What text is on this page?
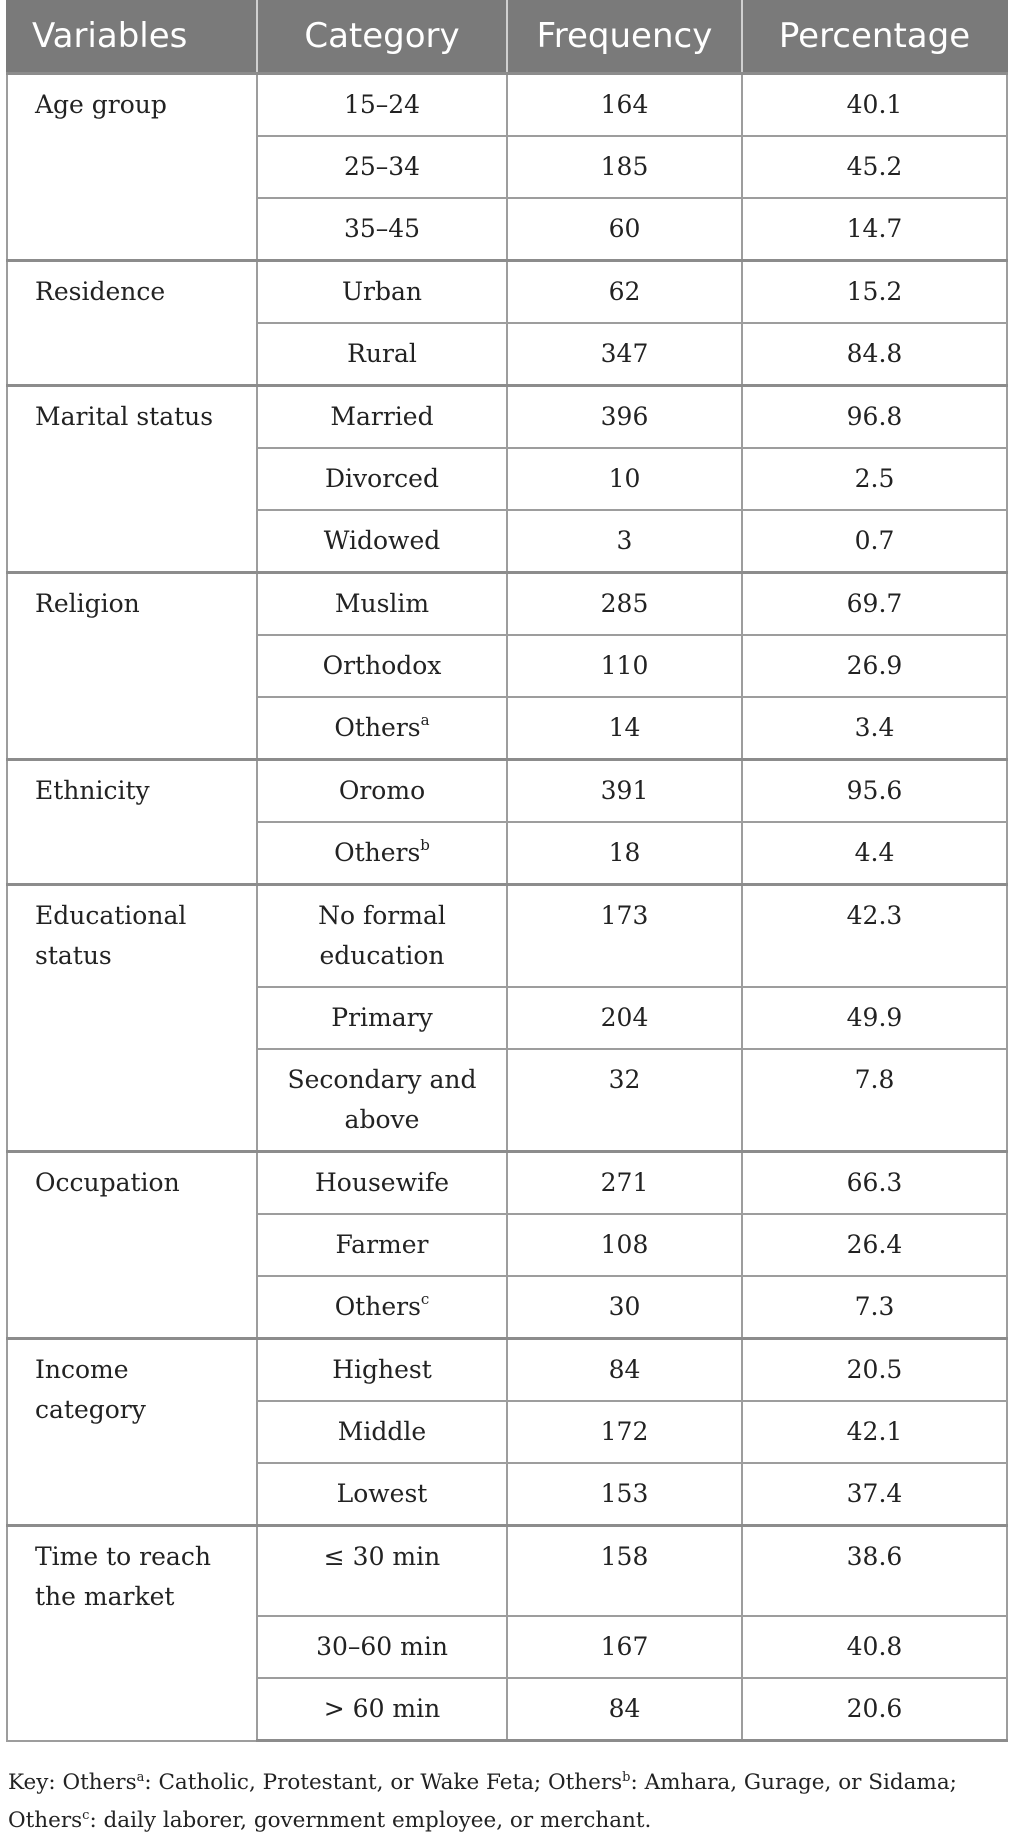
Variables	Category	Frequency	Percentage
Age group	15–24	164	40.1
	25–34	185	45.2
	35–45	60	14.7
Residence	Urban	62	15.2
	Rural	347	84.8
Marital status	Married	396	96.8
	Divorced	10	2.5
	Widowed	3	0.7
Religion	Muslim	285	69.7
	Orthodox	110	26.9
	Others$^a$	14	3.4
Ethnicity	Oromo	391	95.6
	Others$^b$	18	4.4
Educational status	No formal education	173	42.3
	Primary	204	49.9
	Secondary and above	32	7.8
Occupation	Housewife	271	66.3
	Farmer	108	26.4
	Others$^c$	30	7.3
Income category	Highest	84	20.5
	Middle	172	42.1
	Lowest	153	37.4
Time to reach the market	≤ 30 min	158	38.6
	30–60 min	167	40.8
	> 60 min	84	20.6
Key: Others$^a$: Catholic, Protestant, or Wake Feta; Others$^b$: Amhara, Gurage, or Sidama; Others$^c$: daily laborer, government employee, or merchant.
